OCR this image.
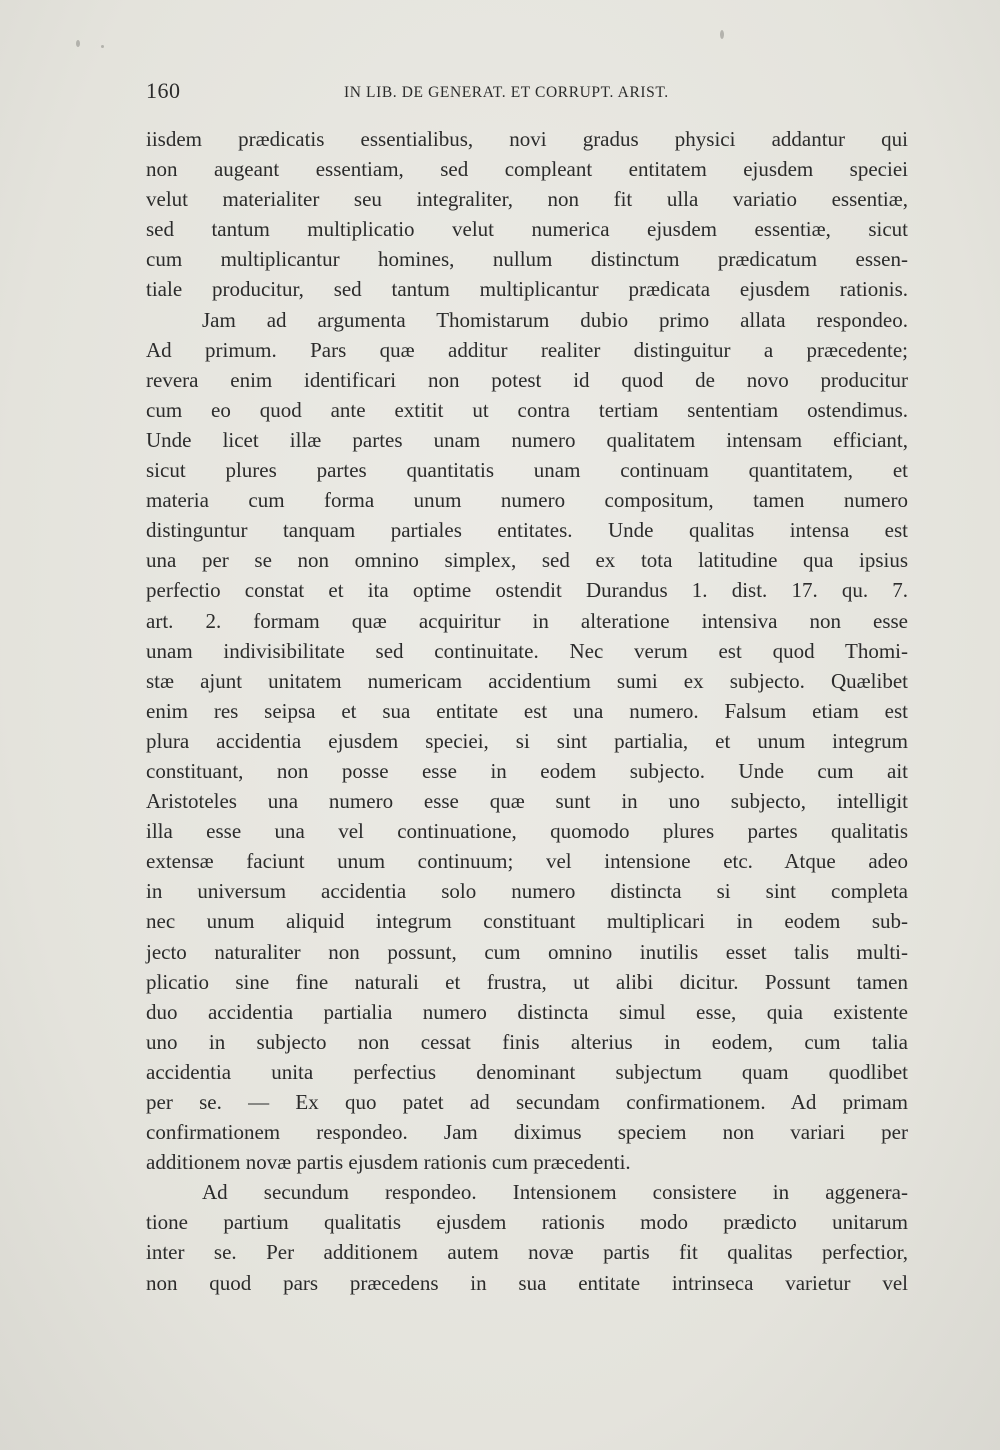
160	IN LIB. DE GENERAT. ET CORRUPT. ARIST.
iisdem prædicatis essentialibus, novi gradus physici addantur qui
non augeant essentiam, sed compleant entitatem ejusdem speciei
velut materialiter seu integraliter, non fit ulla variatio essentiæ,
sed tantum multiplicatio velut numerica ejusdem essentiæ, sicut
cum multiplicantur homines, nullum distinctum prædicatum essen-
tiale producitur, sed tantum multiplicantur prædicata ejusdem rationis.
Jam ad argumenta Thomistarum dubio primo allata respondeo.
Ad primum. Pars quæ additur realiter distinguitur a præcedente;
revera enim identificari non potest id quod de novo producitur
cum eo quod ante extitit ut contra tertiam sententiam ostendimus.
Unde licet illæ partes unam numero qualitatem intensam efficiant,
sicut plures partes quantitatis unam continuam quantitatem, et
materia cum forma unum numero compositum, tamen numero
distinguntur tanquam partiales entitates. Unde qualitas intensa est
una per se non omnino simplex, sed ex tota latitudine qua ipsius
perfectio constat et ita optime ostendit Durandus 1. dist. 17. qu. 7.
art. 2. formam quæ acquiritur in alteratione intensiva non esse
unam indivisibilitate sed continuitate. Nec verum est quod Thomi-
stæ ajunt unitatem numericam accidentium sumi ex subjecto. Quælibet
enim res seipsa et sua entitate est una numero. Falsum etiam est
plura accidentia ejusdem speciei, si sint partialia, et unum integrum
constituant, non posse esse in eodem subjecto. Unde cum ait
Aristoteles una numero esse quæ sunt in uno subjecto, intelligit
illa esse una vel continuatione, quomodo plures partes qualitatis
extensæ faciunt unum continuum; vel intensione etc. Atque adeo
in universum accidentia solo numero distincta si sint completa
nec unum aliquid integrum constituant multiplicari in eodem sub-
jecto naturaliter non possunt, cum omnino inutilis esset talis multi-
plicatio sine fine naturali et frustra, ut alibi dicitur. Possunt tamen
duo accidentia partialia numero distincta simul esse, quia existente
uno in subjecto non cessat finis alterius in eodem, cum talia
accidentia unita perfectius denominant subjectum quam quodlibet
per se. — Ex quo patet ad secundam confirmationem. Ad primam
confirmationem respondeo. Jam diximus speciem non variari per
additionem novæ partis ejusdem rationis cum præcedenti.
Ad secundum respondeo. Intensionem consistere in aggenera-
tione partium qualitatis ejusdem rationis modo prædicto unitarum
inter se. Per additionem autem novæ partis fit qualitas perfectior,
non quod pars præcedens in sua entitate intrinseca varietur vel
